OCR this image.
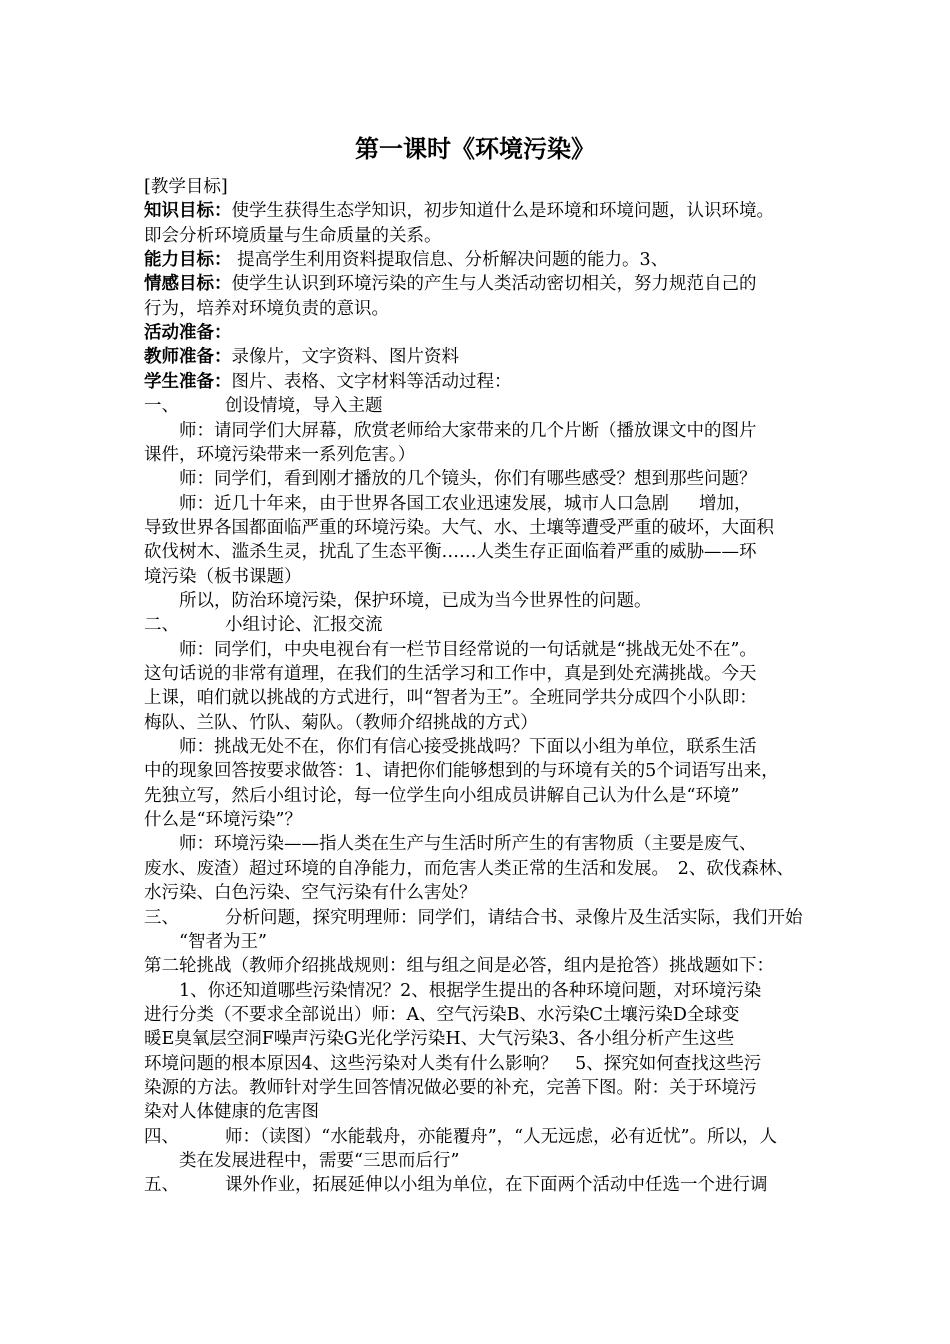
第一课时《环境污染》
[教学目标]
知识目标：使学生获得生态学知识，初步知道什么是环境和环境问题，认识环境。
即会分析环境质量与生命质量的关系。
能力目标： 提高学生利用资料提取信息、分析解决问题的能力。3、
情感目标：使学生认识到环境污染的产生与人类活动密切相关，努力规范自己的
行为，培养对环境负责的意识。
活动准备：
教师准备：录像片，文字资料、图片资料
学生准备：图片、表格、文字材料等活动过程：
一、	创设情境，导入主题
　　师：请同学们大屏幕，欣赏老师给大家带来的几个片断（播放课文中的图片
课件，环境污染带来一系列危害。）
　　师：同学们，看到刚才播放的几个镜头，你们有哪些感受？想到那些问题？
　　师：近几十年来，由于世界各国工农业迅速发展，城市人口急剧 增加，
导致世界各国都面临严重的环境污染。大气、水、土壤等遭受严重的破坏，大面积
砍伐树木、滥杀生灵，扰乱了生态平衡……人类生存正面临着严重的威胁——环
境污染（板书课题）
　　所以，防治环境污染，保护环境，已成为当今世界性的问题。
二、	小组讨论、汇报交流
　　师：同学们，中央电视台有一栏节目经常说的一句话就是“挑战无处不在”。
这句话说的非常有道理，在我们的生活学习和工作中，真是到处充满挑战。今天
上课，咱们就以挑战的方式进行，叫“智者为王”。全班同学共分成四个小队即：
梅队、兰队、竹队、菊队。（教师介绍挑战的方式）
　　师：挑战无处不在，你们有信心接受挑战吗？下面以小组为单位，联系生活
中的现象回答按要求做答：1、请把你们能够想到的与环境有关的5个词语写出来，
先独立写，然后小组讨论，每一位学生向小组成员讲解自己认为什么是“环境”
什么是“环境污染”？
　　师：环境污染——指人类在生产与生活时所产生的有害物质（主要是废气、
废水、废渣）超过环境的自净能力，而危害人类正常的生活和发展。　2、砍伐森林、
水污染、白色污染、空气污染有什么害处？
三、	分析问题，探究明理师：同学们，请结合书、录像片及生活实际，我们开始
　　“智者为王”
第二轮挑战（教师介绍挑战规则：组与组之间是必答，组内是抢答）挑战题如下：
　　1、你还知道哪些污染情况？2、根据学生提出的各种环境问题，对环境污染
进行分类（不要求全部说出）师：A、空气污染B、水污染C土壤污染D全球变
暖E臭氧层空洞F噪声污染G光化学污染H、大气污染3、各小组分析产生这些
环境问题的根本原因4、这些污染对人类有什么影响？　5、探究如何查找这些污
染源的方法。教师针对学生回答情况做必要的补充，完善下图。附：关于环境污
染对人体健康的危害图
四、	师：（读图）“水能载舟，亦能覆舟”，“人无远虑，必有近忧”。所以，人
　　类在发展进程中，需要“三思而后行”
五、	课外作业，拓展延伸以小组为单位，在下面两个活动中任选一个进行调
